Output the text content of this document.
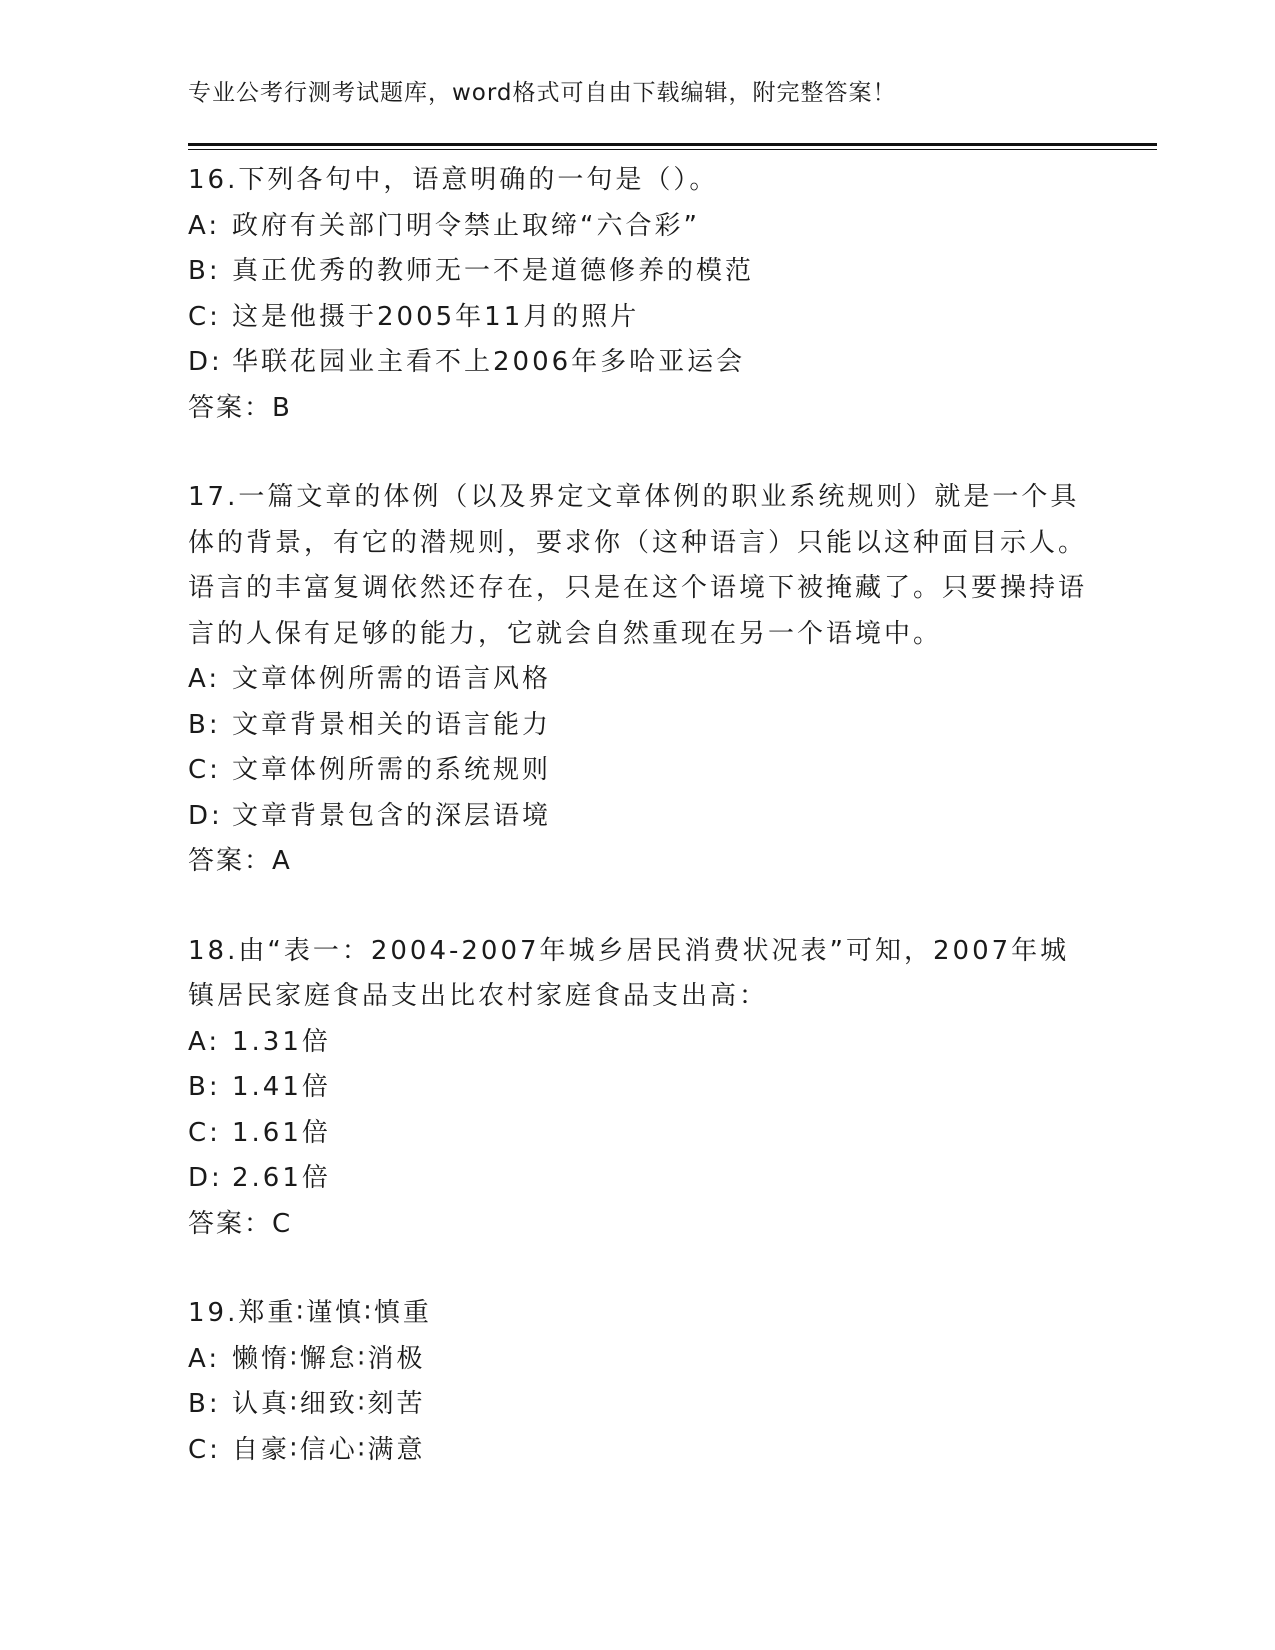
专业公考行测考试题库，word格式可自由下载编辑，附完整答案！
16.下列各句中，语意明确的一句是（）。
A: 政府有关部门明令禁止取缔“六合彩”
B: 真正优秀的教师无一不是道德修养的模范
C: 这是他摄于2005年11月的照片
D: 华联花园业主看不上2006年多哈亚运会
答案：B
17.一篇文章的体例（以及界定文章体例的职业系统规则）就是一个具体的背景，有它的潜规则，要求你（这种语言）只能以这种面目示人。语言的丰富复调依然还存在，只是在这个语境下被掩藏了。只要操持语言的人保有足够的能力，它就会自然重现在另一个语境中。
A: 文章体例所需的语言风格
B: 文章背景相关的语言能力
C: 文章体例所需的系统规则
D: 文章背景包含的深层语境
答案：A
18.由“表一：2004-2007年城乡居民消费状况表”可知，2007年城镇居民家庭食品支出比农村家庭食品支出高：
A: 1.31倍
B: 1.41倍
C: 1.61倍
D: 2.61倍
答案：C
19.郑重∶谨慎∶慎重
A: 懒惰∶懈怠∶消极
B: 认真∶细致∶刻苦
C: 自豪∶信心∶满意
